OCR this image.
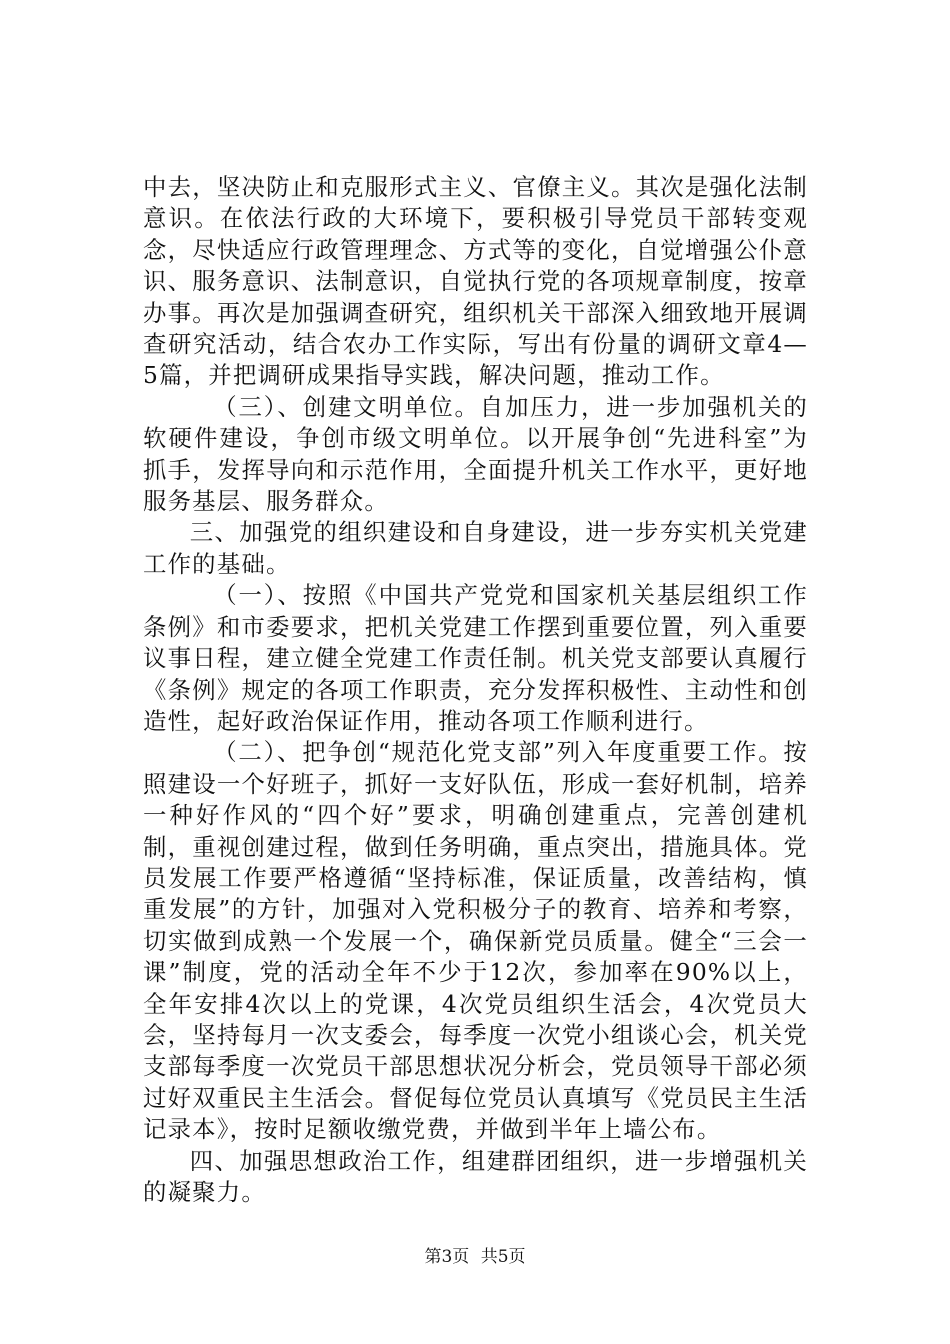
中去，坚决防止和克服形式主义、官僚主义。其次是强化法制意识。在依法行政的大环境下，要积极引导党员干部转变观念，尽快适应行政管理理念、方式等的变化，自觉增强公仆意识、服务意识、法制意识，自觉执行党的各项规章制度，按章办事。再次是加强调查研究，组织机关干部深入细致地开展调查研究活动，结合农办工作实际，写出有份量的调研文章4—5篇，并把调研成果指导实践，解决问题，推动工作。

（三）、创建文明单位。自加压力，进一步加强机关的软硬件建设，争创市级文明单位。以开展争创“先进科室”为抓手，发挥导向和示范作用，全面提升机关工作水平，更好地服务基层、服务群众。

三、加强党的组织建设和自身建设，进一步夯实机关党建工作的基础。

（一）、按照《中国共产党党和国家机关基层组织工作条例》和市委要求，把机关党建工作摆到重要位置，列入重要议事日程，建立健全党建工作责任制。机关党支部要认真履行《条例》规定的各项工作职责，充分发挥积极性、主动性和创造性，起好政治保证作用，推动各项工作顺利进行。

（二）、把争创“规范化党支部”列入年度重要工作。按照建设一个好班子，抓好一支好队伍，形成一套好机制，培养一种好作风的“四个好”要求，明确创建重点，完善创建机制，重视创建过程，做到任务明确，重点突出，措施具体。党员发展工作要严格遵循“坚持标准，保证质量，改善结构，慎重发展”的方针，加强对入党积极分子的教育、培养和考察，切实做到成熟一个发展一个，确保新党员质量。健全“三会一课”制度，党的活动全年不少于12次，参加率在90%以上，全年安排4次以上的党课，4次党员组织生活会，4次党员大会，坚持每月一次支委会，每季度一次党小组谈心会，机关党支部每季度一次党员干部思想状况分析会，党员领导干部必须过好双重民主生活会。督促每位党员认真填写《党员民主生活记录本》，按时足额收缴党费，并做到半年上墙公布。

四、加强思想政治工作，组建群团组织，进一步增强机关的凝聚力。

第3页 共5页
